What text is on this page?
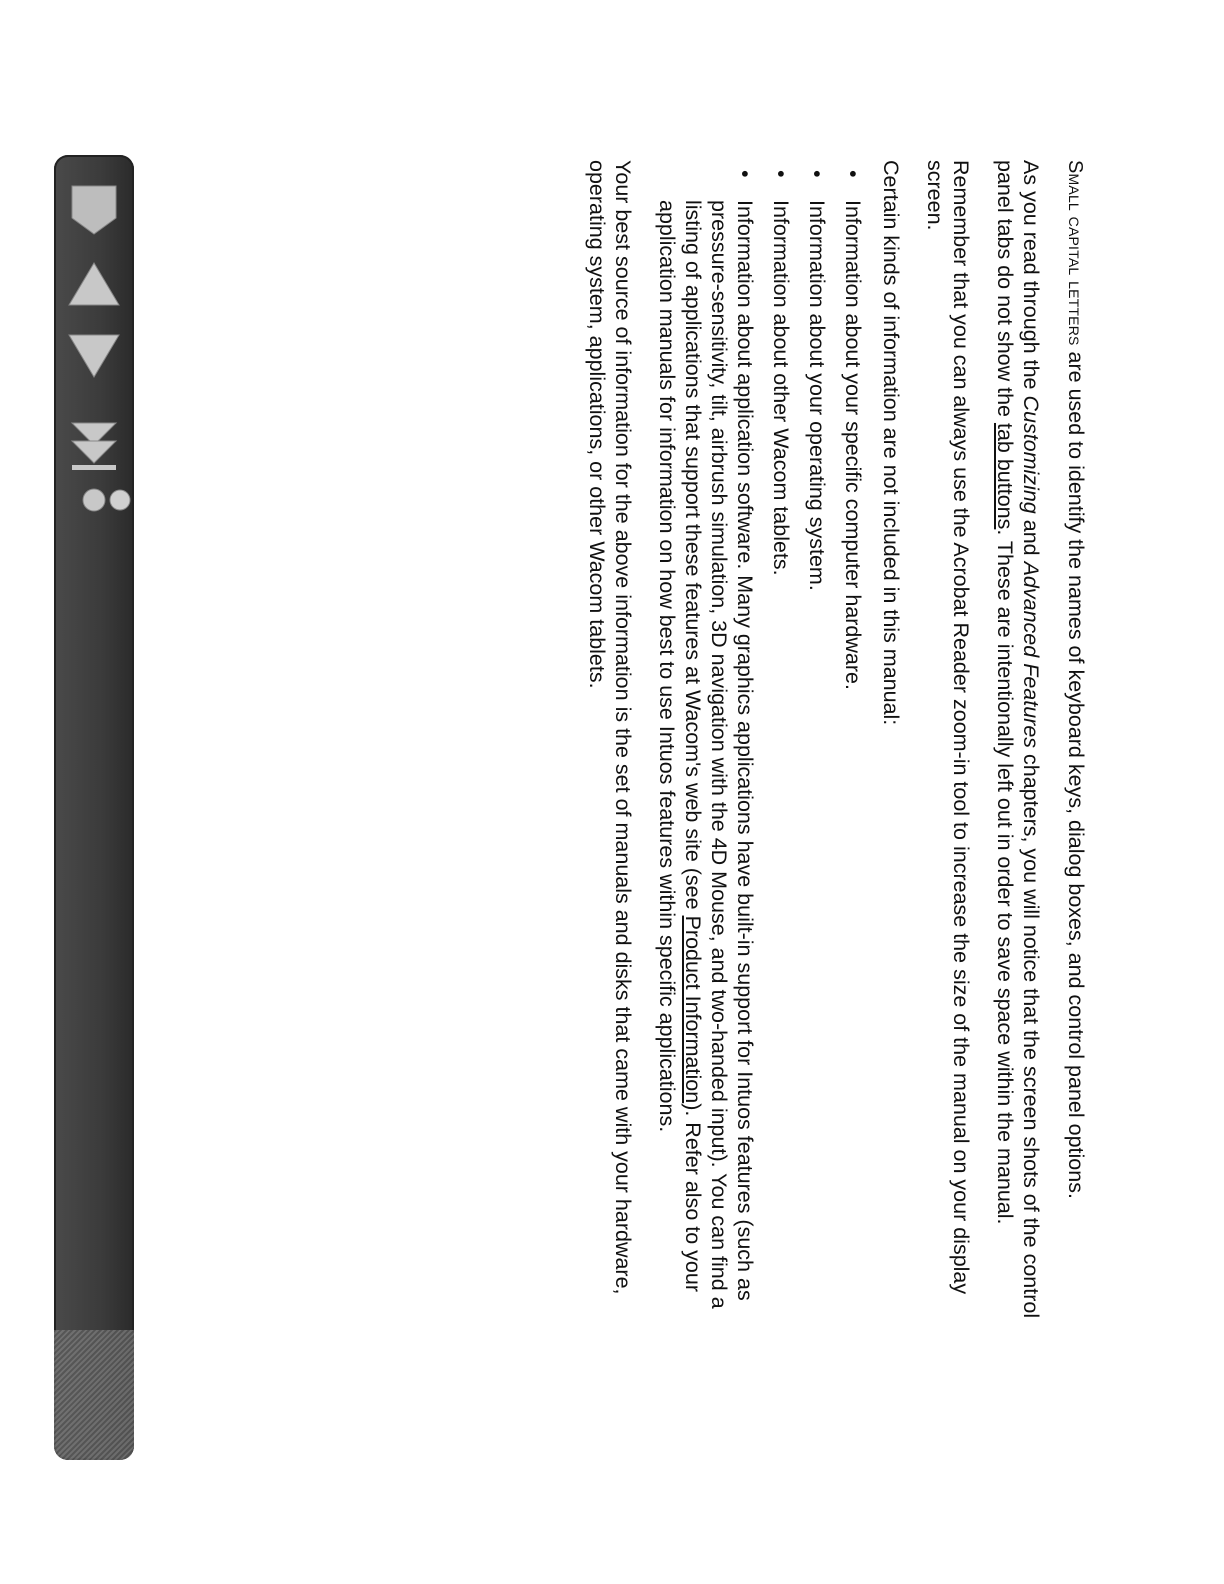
Small capital letters are used to identify the names of keyboard keys, dialog boxes, and control panel options.

As you read through the Customizing and Advanced Features chapters, you will notice that the screen shots of the control panel tabs do not show the tab buttons. These are intentionally left out in order to save space within the manual.

Remember that you can always use the Acrobat Reader zoom-in tool to increase the size of the manual on your display screen.

Certain kinds of information are not included in this manual:

• Information about your specific computer hardware.
• Information about your operating system.
• Information about other Wacom tablets.
• Information about application software. Many graphics applications have built-in support for Intuos features (such as pressure-sensitivity, tilt, airbrush simulation, 3D navigation with the 4D Mouse, and two-handed input). You can find a listing of applications that support these features at Wacom's web site (see Product Information). Refer also to your application manuals for information on how best to use Intuos features within specific applications.

Your best source of information for the above information is the set of manuals and disks that came with your hardware, operating system, applications, or other Wacom tablets.
